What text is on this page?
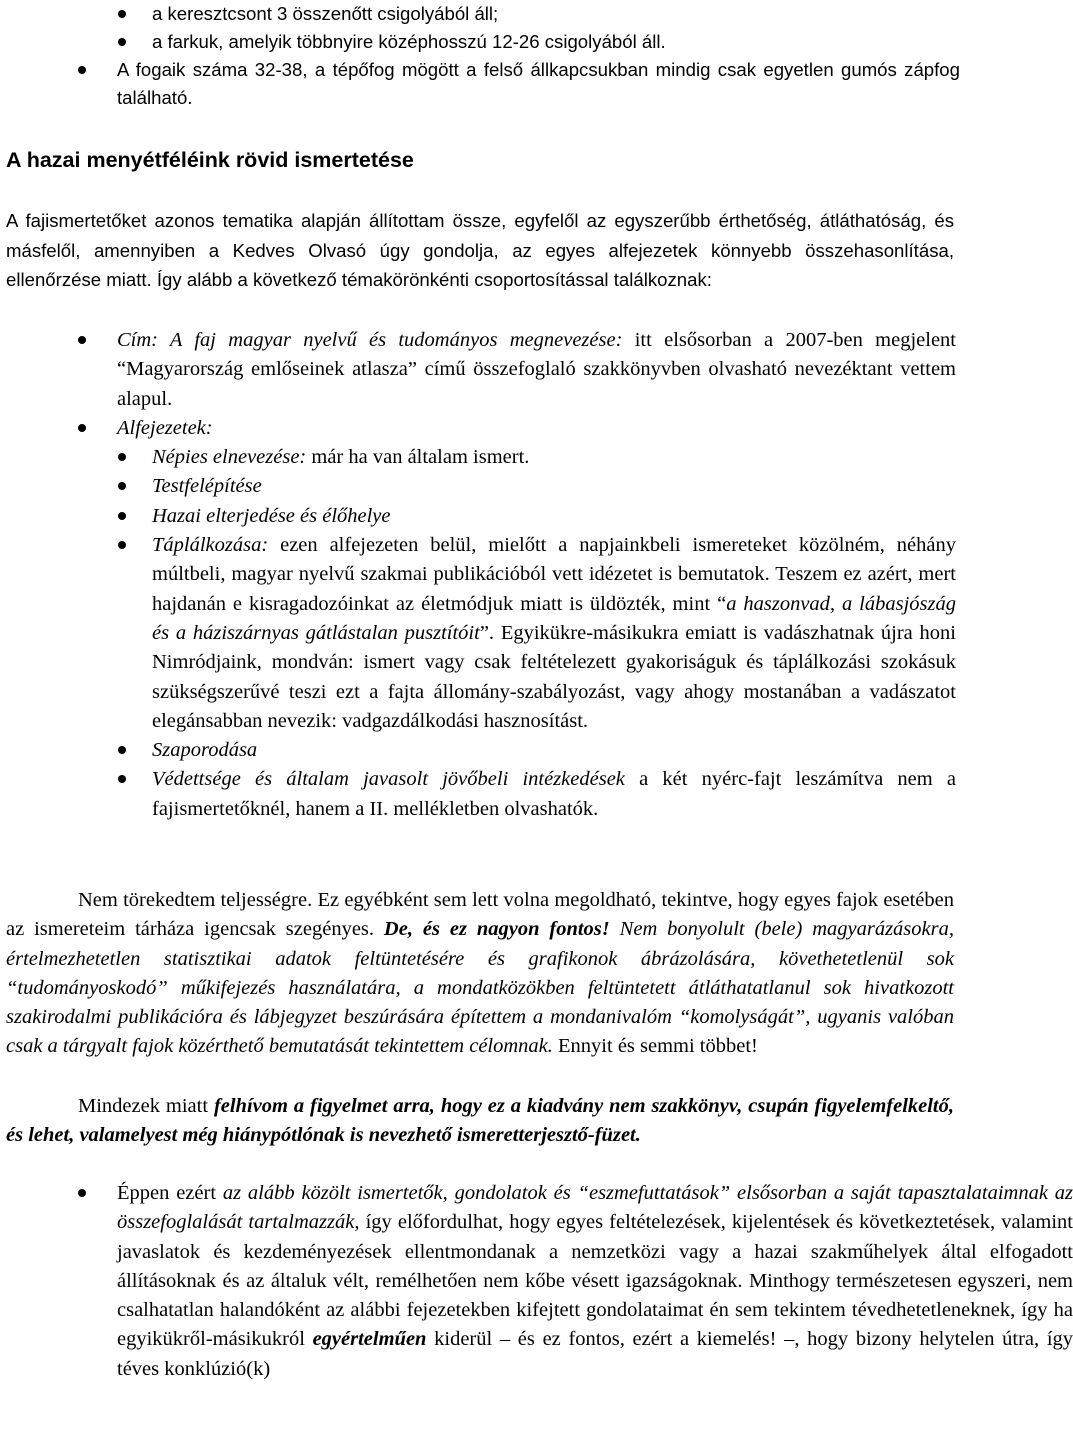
a keresztcsont 3 összenőtt csigolyából áll;
a farkuk, amelyik többnyire középhosszú 12-26 csigolyából áll.
A fogaik száma 32-38, a tépőfog mögött a felső állkapcsukban mindig csak egyetlen gumós zápfog található.
A hazai menyétféléink rövid ismertetése

A fajismertetőket azonos tematika alapján állítottam össze, egyfelől az egyszerűbb érthetőség, átláthatóság, és másfelől, amennyiben a Kedves Olvasó úgy gondolja, az egyes alfejezetek könnyebb összehasonlítása, ellenőrzése miatt. Így alább a következő témakörönkénti csoportosítással találkoznak:

Cím: A faj magyar nyelvű és tudományos megnevezése: itt elsősorban a 2007-ben megjelent “Magyarország emlőseinek atlasza” című összefoglaló szakkönyvben olvasható nevezéktant vettem alapul.
Alfejezetek:
Népies elnevezése: már ha van általam ismert.
Testfelépítése
Hazai elterjedése és élőhelye
Táplálkozása: ezen alfejezeten belül, mielőtt a napjainkbeli ismereteket közölném, néhány múltbeli, magyar nyelvű szakmai publikációból vett idézetet is bemutatok. Teszem ez azért, mert hajdanán e kisragadozóinkat az életmódjuk miatt is üldözték, mint “a haszonvad, a lábasjószág és a háziszárnyas gátlástalan pusztítóit”. Egyikükre-másikukra emiatt is vadászhatnak újra honi Nimródjaink, mondván: ismert vagy csak feltételezett gyakoriságuk és táplálkozási szokásuk szükségszerűvé teszi ezt a fajta állomány-szabályozást, vagy ahogy mostanában a vadászatot elegánsabban nevezik: vadgazdálkodási hasznosítást.
Szaporodása
Védettsége és általam javasolt jövőbeli intézkedések a két nyérc-fajt leszámítva nem a fajismertetőknél, hanem a II. mellékletben olvashatók.

Nem törekedtem teljességre. Ez egyébként sem lett volna megoldható, tekintve, hogy egyes fajok esetében az ismereteim tárháza igencsak szegényes. De, és ez nagyon fontos! Nem bonyolult (bele) magyarázásokra, értelmezhetetlen statisztikai adatok feltüntetésére és grafikonok ábrázolására, követhetetlenül sok “tudományoskodó” műkifejezés használatára, a mondatközökben feltüntetett átláthatatlanul sok hivatkozott szakirodalmi publikációra és lábjegyzet beszúrására építettem a mondanivalóm “komolyságát”, ugyanis valóban csak a tárgyalt fajok közérthető bemutatását tekintettem célomnak. Ennyit és semmi többet!

Mindezek miatt felhívom a figyelmet arra, hogy ez a kiadvány nem szakkönyv, csupán figyelemfelkeltő, és lehet, valamelyest még hiánypótlónak is nevezhető ismeretterjesztő-füzet.

Éppen ezért az alább közölt ismertetők, gondolatok és “eszmefuttatások” elsősorban a saját tapasztalataimnak az összefoglalását tartalmazzák, így előfordulhat, hogy egyes feltételezések, kijelentések és következtetések, valamint javaslatok és kezdeményezések ellentmondanak a nemzetközi vagy a hazai szakműhelyek által elfogadott állításoknak és az általuk vélt, remélhetően nem kőbe vésett igazságoknak. Minthogy természetesen egyszeri, nem csalhatatlan halandóként az alábbi fejezetekben kifejtett gondolataimat én sem tekintem tévedhetetleneknek, így ha egyikükről-másikukról egyértelműen kiderül – és ez fontos, ezért a kiemelés! –, hogy bizony helytelen útra, így téves konklúzió(k)
